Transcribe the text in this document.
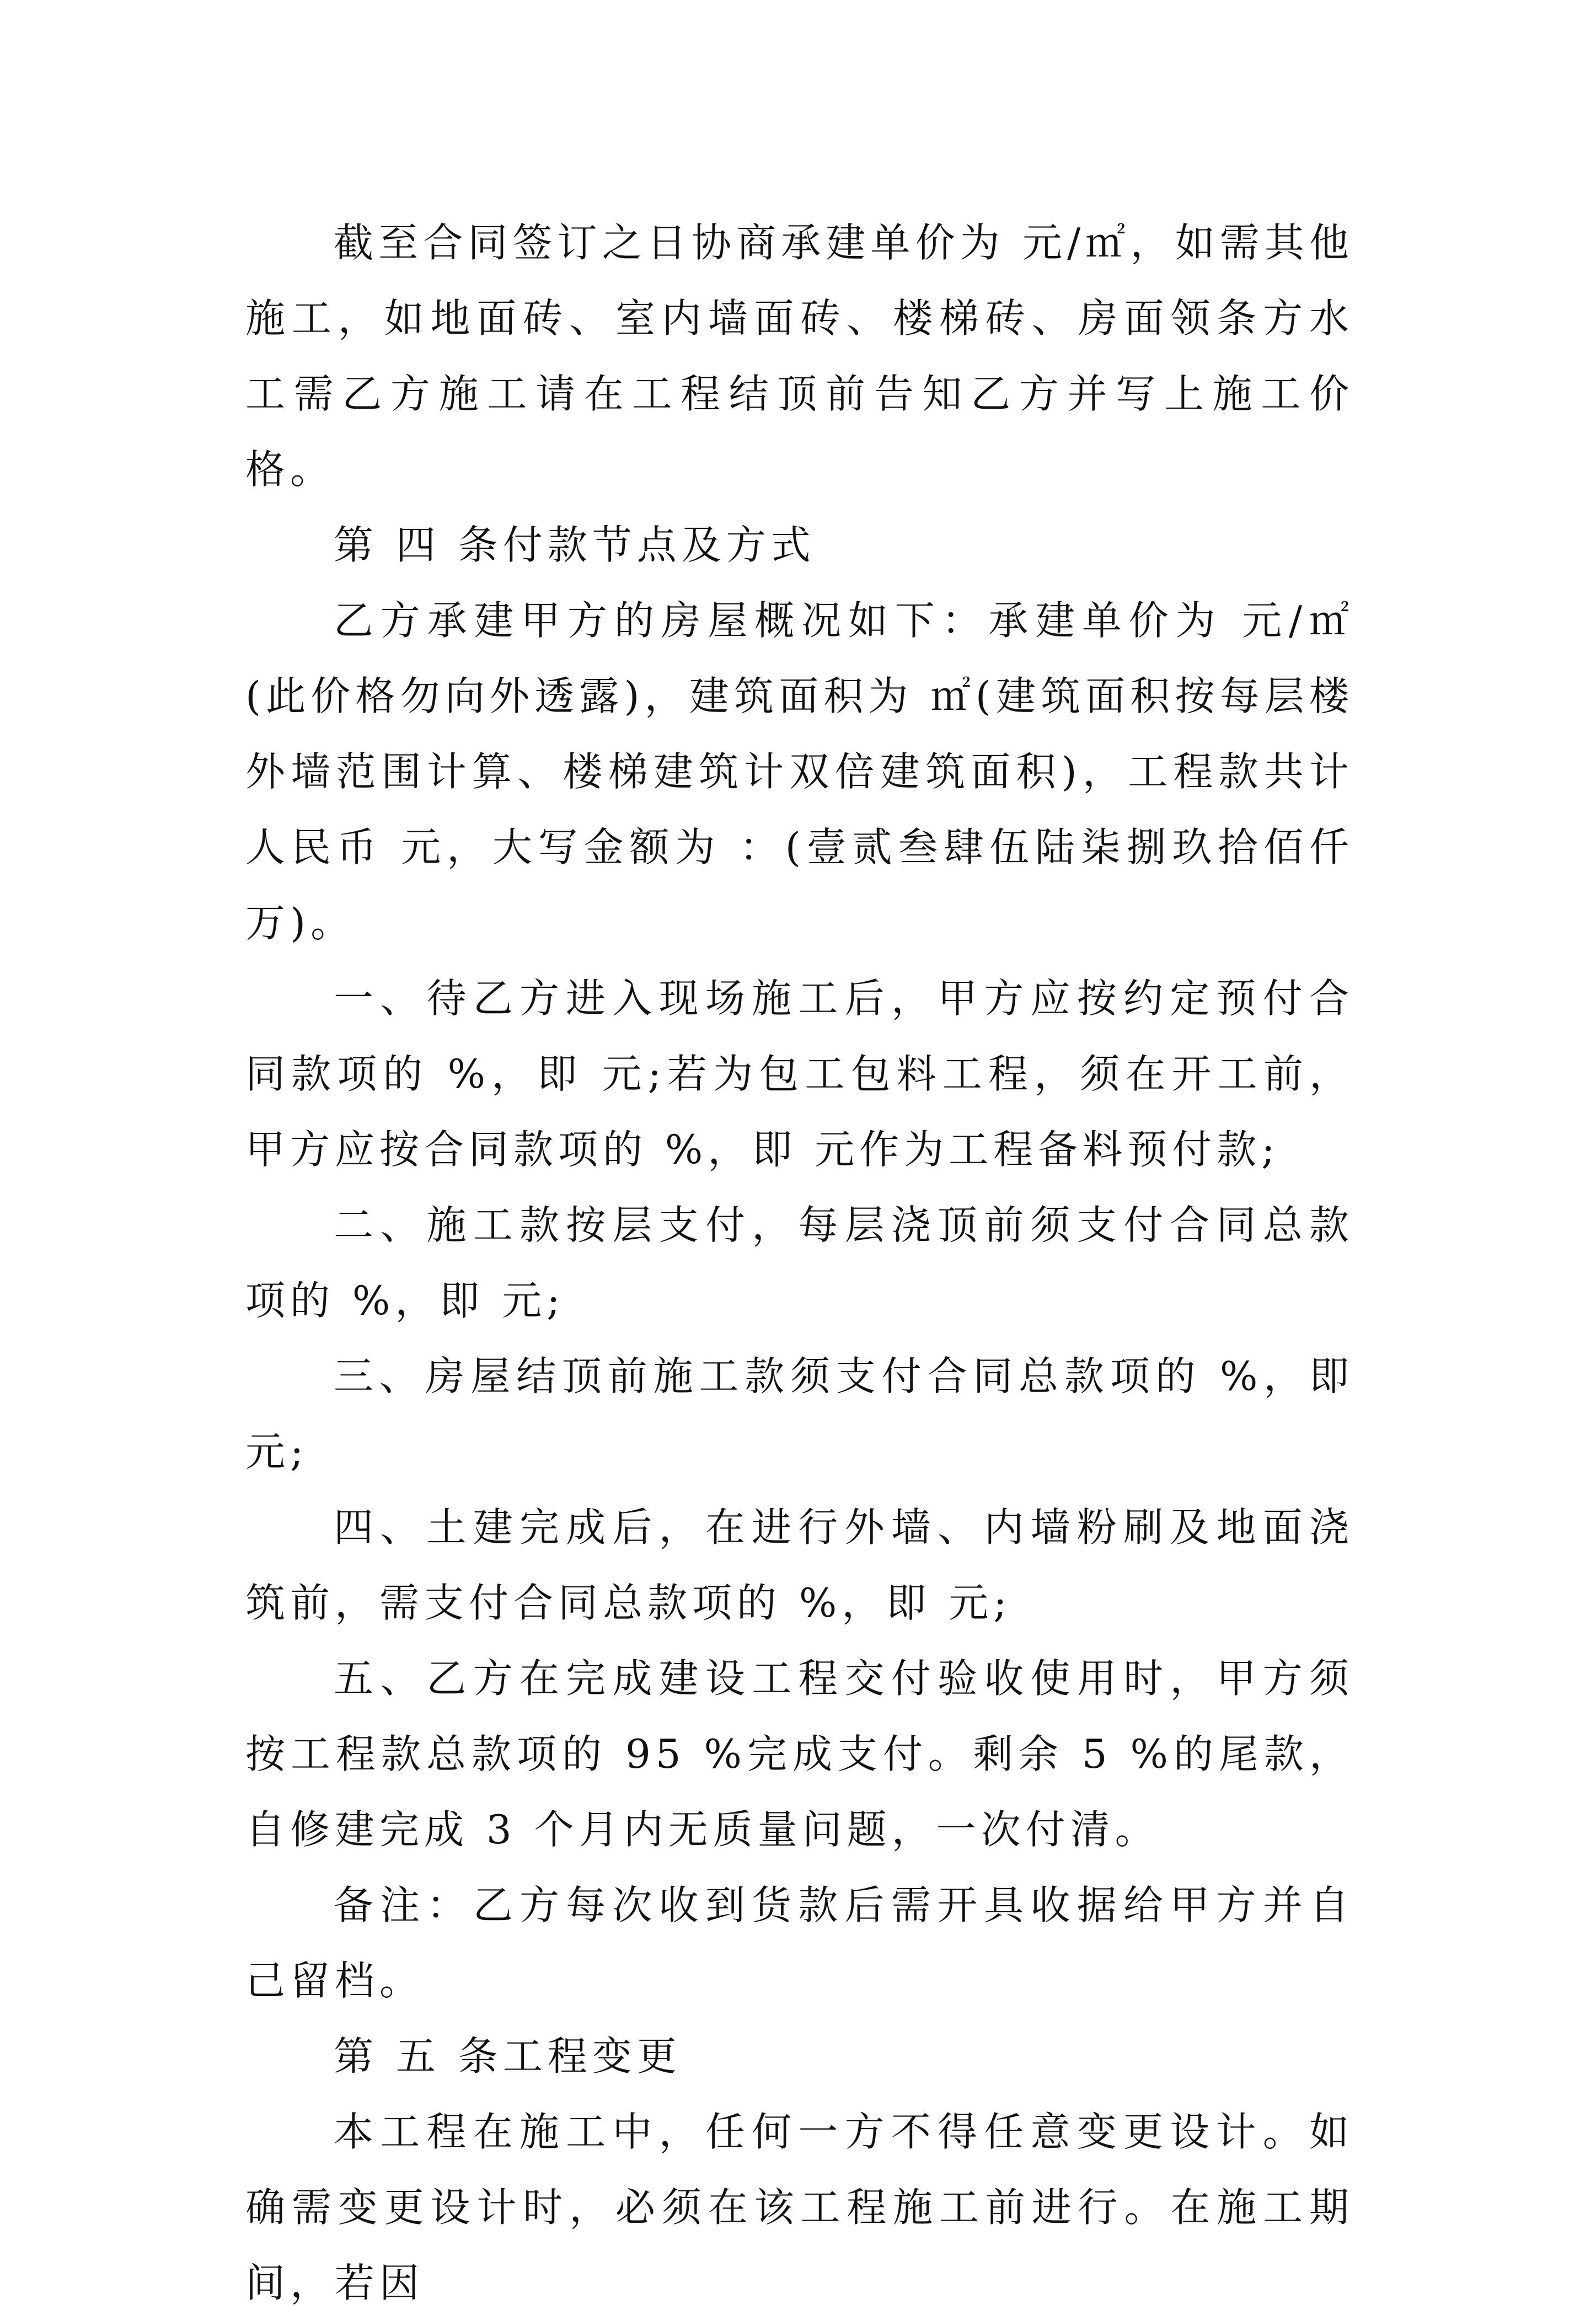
截至合同签订之日协商承建单价为 元/㎡，如需其他施工，如地面砖、室内墙面砖、楼梯砖、房面领条方水工需乙方施工请在工程结顶前告知乙方并写上施工价格。

第 四 条付款节点及方式

乙方承建甲方的房屋概况如下：承建单价为 元/㎡(此价格勿向外透露)，建筑面积为 ㎡(建筑面积按每层楼外墙范围计算、楼梯建筑计双倍建筑面积)，工程款共计人民币 元，大写金额为 ：(壹贰叁肆伍陆柒捌玖拾佰仟万)。

一、待乙方进入现场施工后，甲方应按约定预付合同款项的 %，即 元;若为包工包料工程，须在开工前，甲方应按合同款项的 %，即 元作为工程备料预付款;

二、施工款按层支付，每层浇顶前须支付合同总款项的 %，即 元;

三、房屋结顶前施工款须支付合同总款项的 %，即 元;

四、土建完成后，在进行外墙、内墙粉刷及地面浇筑前，需支付合同总款项的 %，即 元;

五、乙方在完成建设工程交付验收使用时，甲方须按工程款总款项的 95 %完成支付。剩余 5 %的尾款，自修建完成 3 个月内无质量问题，一次付清。

备注：乙方每次收到货款后需开具收据给甲方并自己留档。

第 五 条工程变更

本工程在施工中，任何一方不得任意变更设计。如确需变更设计时，必须在该工程施工前进行。在施工期间，若因
